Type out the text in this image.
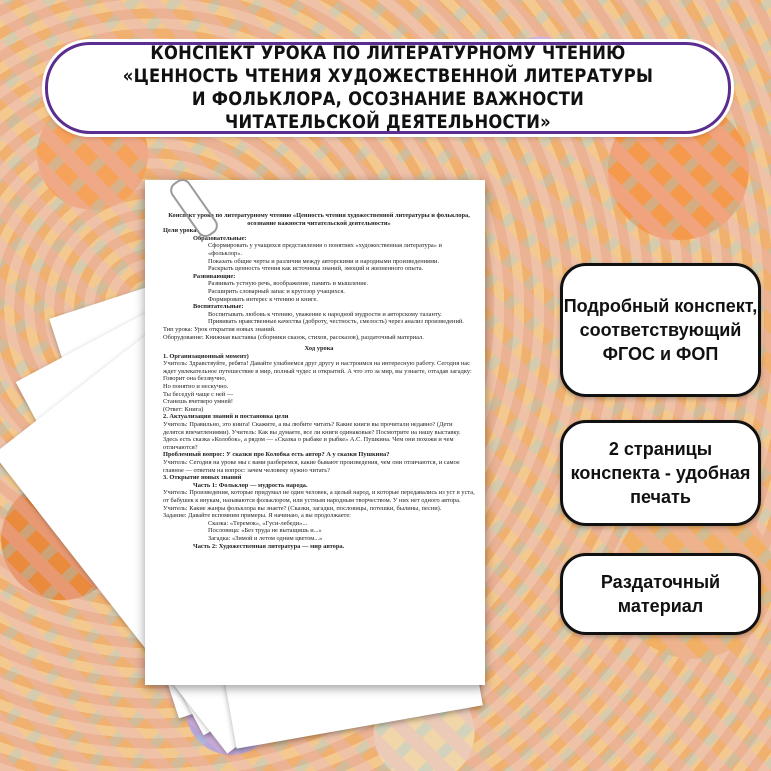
КОНСПЕКТ УРОКА ПО ЛИТЕРАТУРНОМУ ЧТЕНИЮ «ЦЕННОСТЬ ЧТЕНИЯ ХУДОЖЕСТВЕННОЙ ЛИТЕРАТУРЫ И ФОЛЬКЛОРА, ОСОЗНАНИЕ ВАЖНОСТИ ЧИТАТЕЛЬСКОЙ ДЕЯТЕЛЬНОСТИ»

Конспект урока по литературному чтению «Ценность чтения художественной литературы и фольклора, осознание важности читательской деятельности»

Цели урока:

Образовательные:

Сформировать у учащихся представления о понятиях «художественная литература» и «фольклор».

Показать общие черты и различия между авторскими и народными произведениями.

Раскрыть ценность чтения как источника знаний, эмоций и жизненного опыта.

Развивающие:

Развивать устную речь, воображение, память и мышление.

Расширить словарный запас и кругозор учащихся.

Формировать интерес к чтению и книге.

Воспитательные:

Воспитывать любовь к чтению, уважение к народной мудрости и авторскому таланту.

Прививать нравственные качества (доброту, честность, смелость) через анализ произведений.

Тип урока: Урок открытия новых знаний.

Оборудование: Книжная выставка (сборники сказок, стихов, рассказов), раздаточный материал.

Ход урока

1. Организационный момент)

Учитель: Здравствуйте, ребята! Давайте улыбнемся друг другу и настроимся на интересную работу. Сегодня нас ждет увлекательное путешествие в мир, полный чудес и открытий. А что это за мир, вы узнаете, отгадав загадку:

Говорит она беззвучно,

Но понятно и нескучно.

Ты беседуй чаще с ней —

Станешь вчетверо умней!

(Ответ: Книга)

2. Актуализация знаний и постановка цели

Учитель: Правильно, это книга! Скажите, а вы любите читать? Какие книги вы прочитали недавно? (Дети делятся впечатлениями). Учитель: Как вы думаете, все ли книги одинаковые? Посмотрите на нашу выставку. Здесь есть сказка «Колобок», а рядом — «Сказка о рыбаке и рыбке» А.С. Пушкина. Чем они похожи и чем отличаются?

Проблемный вопрос: У сказки про Колобка есть автор? А у сказки Пушкина?

Учитель: Сегодня на уроке мы с вами разберемся, какие бывают произведения, чем они отличаются, и самое главное — ответим на вопрос: зачем человеку нужно читать?

3. Открытие новых знаний

Часть 1: Фольклор — мудрость народа.

Учитель: Произведения, которые придумал не один человек, а целый народ, и которые передавались из уст в уста, от бабушек к внукам, называются фольклором, или устным народным творчеством. У них нет одного автора.

Учитель: Какие жанры фольклора вы знаете? (Сказки, загадки, пословицы, потешки, былины, песни).

Задание: Давайте вспомним примеры. Я начинаю, а вы продолжаете:

Сказка: «Теремок», «Гуси-лебеди»...

Пословица: «Без труда не вытащишь и...»

Загадка: «Зимой и летом одним цветом...»

Часть 2: Художественная литература — мир автора.

Подробный конспект, соответствующий ФГОС и ФОП
2 страницы конспекта - удобная печать
Раздаточный материал
